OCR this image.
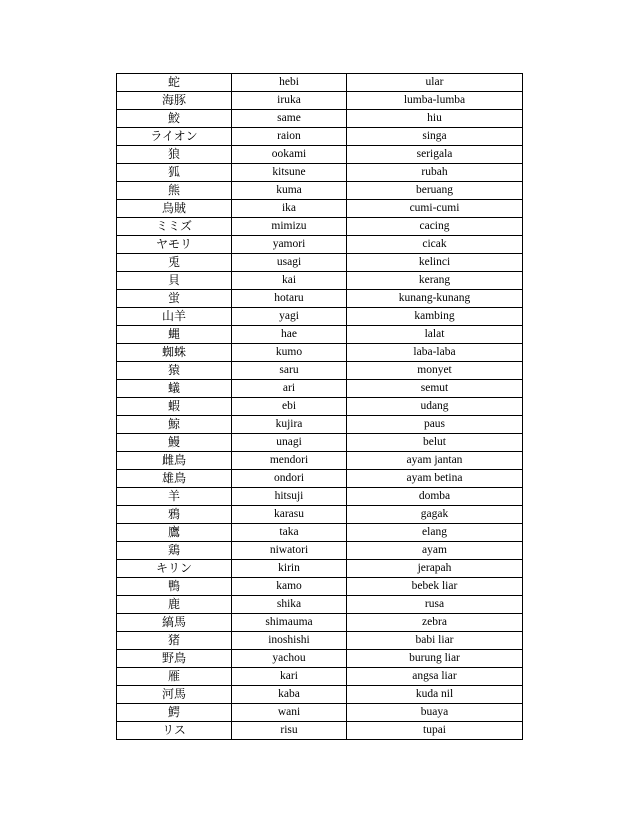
蛇	hebi	ular
海豚	iruka	lumba-lumba
鮫	same	hiu
ライオン	raion	singa
狼	ookami	serigala
狐	kitsune	rubah
熊	kuma	beruang
烏賊	ika	cumi-cumi
ミミズ	mimizu	cacing
ヤモリ	yamori	cicak
兎	usagi	kelinci
貝	kai	kerang
蛍	hotaru	kunang-kunang
山羊	yagi	kambing
蝿	hae	lalat
蜘蛛	kumo	laba-laba
猿	saru	monyet
蟻	ari	semut
蝦	ebi	udang
鯨	kujira	paus
鰻	unagi	belut
雌鳥	mendori	ayam jantan
雄鳥	ondori	ayam betina
羊	hitsuji	domba
鴉	karasu	gagak
鷹	taka	elang
鶏	niwatori	ayam
キリン	kirin	jerapah
鴨	kamo	bebek liar
鹿	shika	rusa
縞馬	shimauma	zebra
猪	inoshishi	babi liar
野鳥	yachou	burung liar
雁	kari	angsa liar
河馬	kaba	kuda nil
鰐	wani	buaya
リス	risu	tupai
